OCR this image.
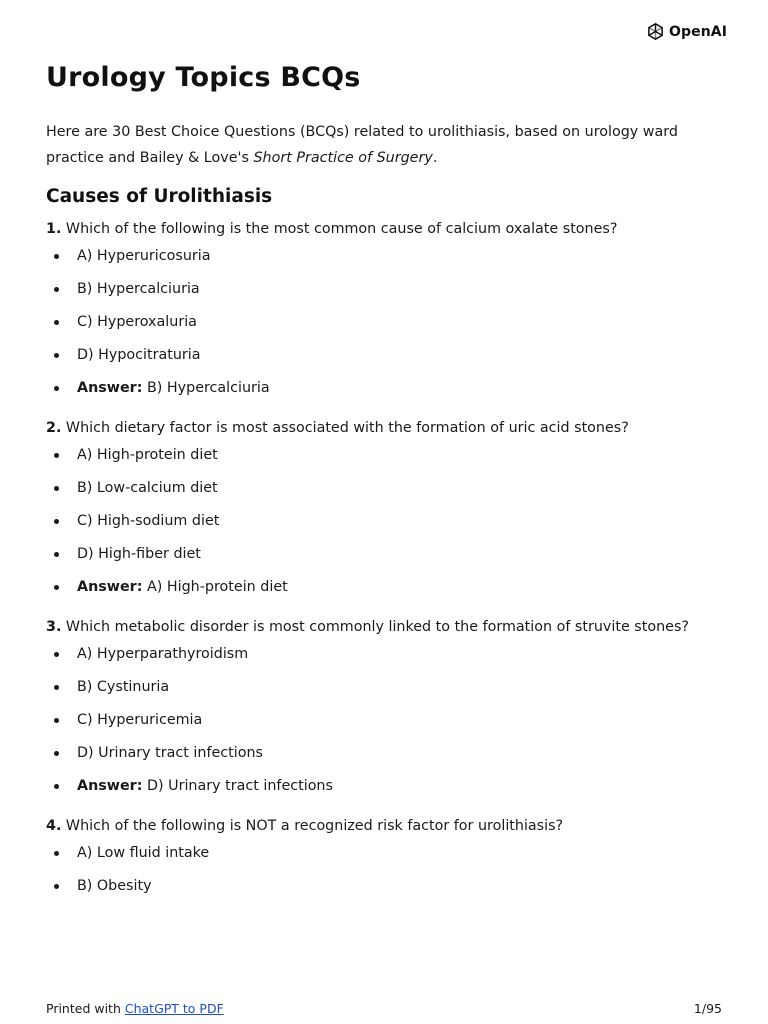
OpenAI
Urology Topics BCQs

Here are 30 Best Choice Questions (BCQs) related to urolithiasis, based on urology ward practice and Bailey & Love's Short Practice of Surgery.

Causes of Urolithiasis
1. Which of the following is the most common cause of calcium oxalate stones?
A) Hyperuricosuria
B) Hypercalciuria
C) Hyperoxaluria
D) Hypocitraturia
Answer: B) Hypercalciuria
2. Which dietary factor is most associated with the formation of uric acid stones?
A) High-protein diet
B) Low-calcium diet
C) High-sodium diet
D) High-fiber diet
Answer: A) High-protein diet
3. Which metabolic disorder is most commonly linked to the formation of struvite stones?
A) Hyperparathyroidism
B) Cystinuria
C) Hyperuricemia
D) Urinary tract infections
Answer: D) Urinary tract infections
4. Which of the following is NOT a recognized risk factor for urolithiasis?
A) Low fluid intake
B) Obesity
Printed with ChatGPT to PDF	1/95
